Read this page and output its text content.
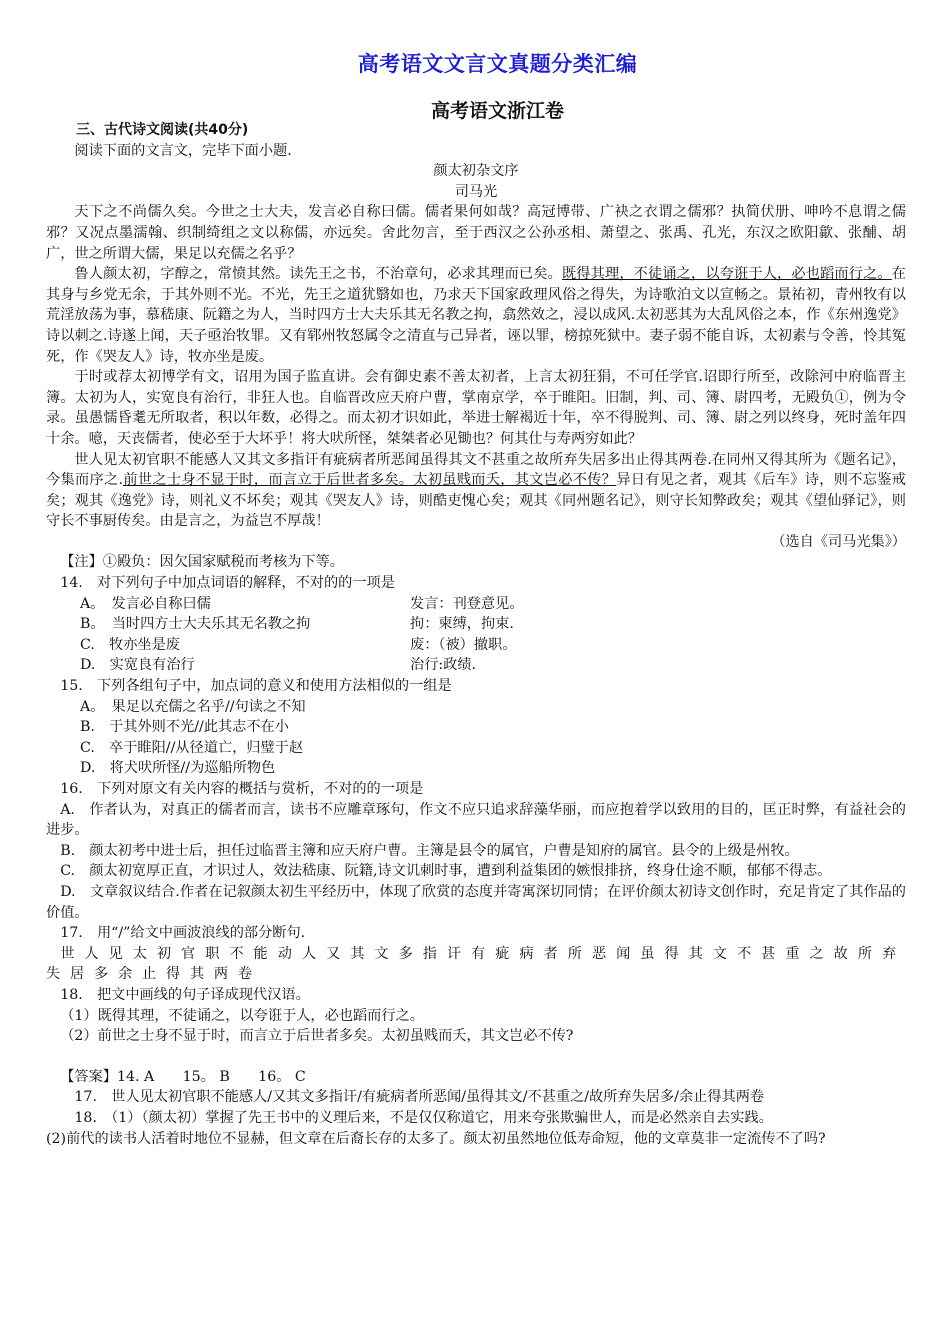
高考语文文言文真题分类汇编
高考语文浙江卷

三、古代诗文阅读(共40分)

阅读下面的文言文，完毕下面小题.

颜太初杂文序

司马光

天下之不尚儒久矣。今世之士大夫，发言必自称曰儒。儒者果何如哉？高冠博带、广袂之衣谓之儒邪？执简伏册、呻吟不息谓之儒邪？又况点墨濡翰、织制绮组之文以称儒，亦远矣。舍此勿言，至于西汉之公孙丞相、萧望之、张禹、孔光，东汉之欧阳歙、张酺、胡广，世之所谓大儒，果足以充儒之名乎？

鲁人颜太初，字醇之，常愤其然。读先王之书，不治章句，必求其理而已矣。既得其理，不徒诵之，以夸诳于人，必也蹈而行之。在其身与乡党无余，于其外则不光。不光，先王之道犹翳如也，乃求天下国家政理风俗之得失，为诗歌泊文以宣畅之。景祐初，青州牧有以荒淫放荡为事，慕嵇康、阮籍之为人，当时四方士大夫乐其无名教之拘，翕然效之，浸以成风.太初恶其为大乱风俗之本，作《东州逸党》诗以刺之.诗遂上闻，天子亟治牧罪。又有郓州牧怒属令之清直与己异者，诬以罪，榜掠死狱中。妻子弱不能自诉，太初素与令善，怜其冤死，作《哭友人》诗，牧亦坐是废。

于时或荐太初博学有文，诏用为国子监直讲。会有御史素不善太初者，上言太初狂狷，不可任学官.诏即行所至，改除河中府临晋主簿。太初为人，实宽良有治行，非狂人也。自临晋改应天府户曹，掌南京学，卒于睢阳。旧制，判、司、簿、尉四考，无殿负①，例为令录。虽愚懦昏耄无所取者，积以年数，必得之。而太初才识如此，举进士解褐近十年，卒不得脱判、司、簿、尉之列以终身，死时盖年四十余。噫，天丧儒者，使必至于大坏乎！将大吠所怪，桀桀者必见锄也？何其仕与寿两穷如此？

世人见太初官职不能感人又其文多指讦有疵病者所恶闻虽得其文不甚重之故所弃失居多出止得其两卷.在同州又得其所为《题名记》，今集而序之.前世之士身不显于时，而言立于后世者多矣。太初虽贱而夭，其文岂必不传？异日有见之者，观其《后车》诗，则不忘鉴戒矣；观其《逸党》诗，则礼义不坏矣；观其《哭友人》诗，则酷吏愧心矣；观其《同州题名记》，则守长知弊政矣；观其《望仙驿记》，则守长不事厨传矣。由是言之，为益岂不厚哉！

（选自《司马光集》）

【注】①殿负：因欠国家赋税而考核为下等。

14.　对下列句子中加点词语的解释，不对的的一项是

A。　发言必自称曰儒	发言：刊登意见。
B。　当时四方士大夫乐其无名教之拘	拘：柬缚，拘束.
C.　牧亦坐是废	废：（被）撤职。
D.　实宽良有治行	治行:政绩.

15.　下列各组句子中，加点词的意义和使用方法相似的一组是

A。　果足以充儒之名乎//句读之不知
B.　于其外则不光//此其志不在小
C.　卒于睢阳//从径道亡，归璧于赵
D.　将犬吠所怪//为巡船所物色

16.　下列对原文有关内容的概括与赏析，不对的的一项是

A.　作者认为，对真正的儒者而言，读书不应雕章琢句，作文不应只追求辞藻华丽，而应抱着学以致用的目的，匡正时弊，有益社会的进步。

B.　颜太初考中进士后，担任过临晋主簿和应天府户曹。主簿是县令的属官，户曹是知府的属官。县令的上级是州牧。

C.　颜太初宽厚正直，才识过人，效法嵇康、阮籍,诗文讥刺时事，遭到利益集团的嫉恨排挤，终身仕途不顺，郁郁不得志。

D.　文章叙议结合.作者在记叙颜太初生平经历中，体现了欣赏的态度并寄寓深切同情；在评价颜太初诗文创作时，充足肯定了其作品的价值。

17.　用“/”给文中画波浪线的部分断句.

世人见太初官职不能动人又其文多指讦有疵病者所恶闻虽得其文不甚重之故所弃失居多余止得其两卷

18.　把文中画线的句子译成现代汉语。

（1）既得其理，不徒诵之，以夸诳于人，必也蹈而行之。

（2）前世之士身不显于时，而言立于后世者多矣。太初虽贱而夭，其文岂必不传?

【答案】14. A　　15。 B　　16。 C

17.　世人见太初官职不能感人/又其文多指讦/有疵病者所恶闻/虽得其文/不甚重之/故所弃失居多/余止得其两卷

18.　（1）（颜太初）掌握了先王书中的义理后来，不是仅仅称道它，用来夸张欺骗世人，而是必然亲自去实践。

(2)前代的读书人活着时地位不显赫，但文章在后裔长存的太多了。颜太初虽然地位低寿命短，他的文章莫非一定流传不了吗?
